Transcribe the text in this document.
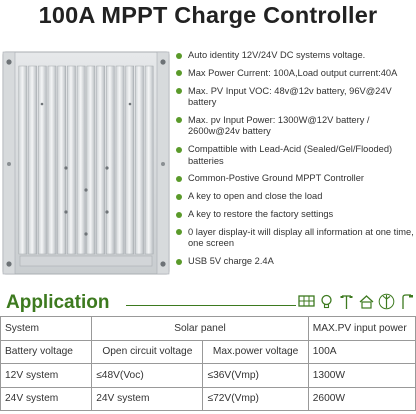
100A MPPT Charge Controller
Auto identity 12V/24V DC systems voltage.
Max Power Current: 100A,Load output current:40A
Max. PV Input VOC: 48v@12v battery, 96V@24V battery
Max. pv Input Power: 1300W@12V battery / 2600w@24v battery
Compattible with Lead-Acid (Sealed/Gel/Flooded) batteries
Common-Postive Ground MPPT Controller
A key to open and close the load
A key to restore the factory settings
0 layer display-it will display all information at one time, one screen
USB 5V charge 2.4A
Application
System	Solar panel		MAX.PV input power
Battery voltage	Open circuit voltage	Max.power voltage	100A
12V system	≤48V(Voc)	≤36V(Vmp)	1300W
24V system	24V system	≤72V(Vmp)	2600W
